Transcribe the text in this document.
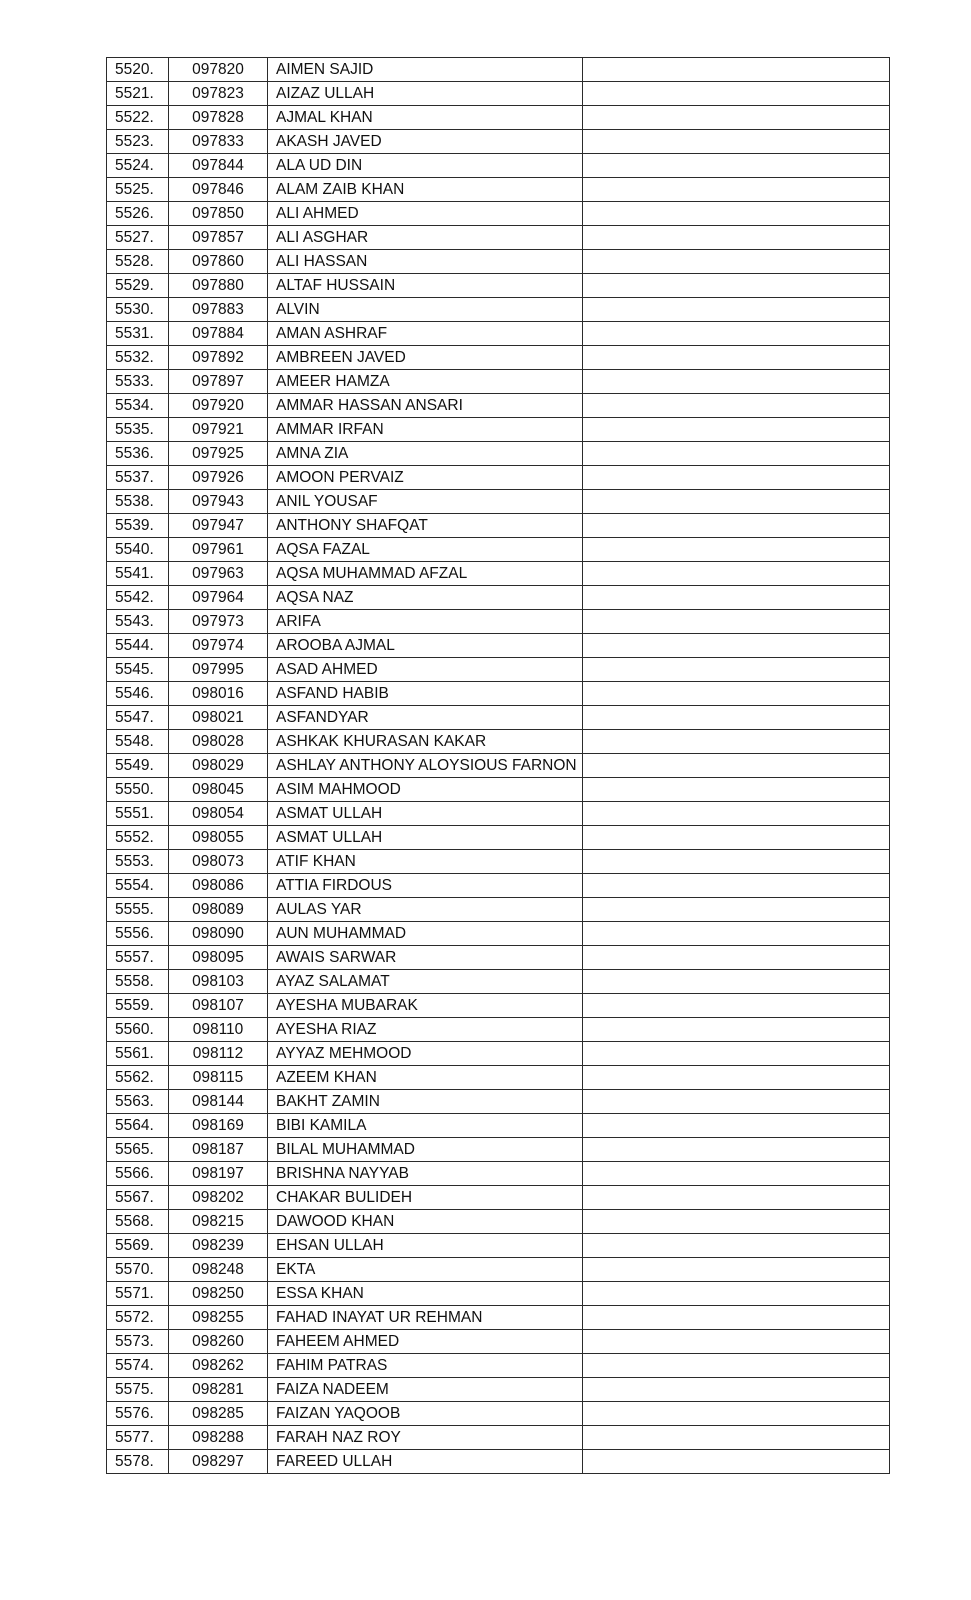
5520.	097820	AIMEN SAJID	
5521.	097823	AIZAZ ULLAH	
5522.	097828	AJMAL KHAN	
5523.	097833	AKASH JAVED	
5524.	097844	ALA UD DIN	
5525.	097846	ALAM ZAIB KHAN	
5526.	097850	ALI AHMED	
5527.	097857	ALI ASGHAR	
5528.	097860	ALI HASSAN	
5529.	097880	ALTAF HUSSAIN	
5530.	097883	ALVIN	
5531.	097884	AMAN ASHRAF	
5532.	097892	AMBREEN JAVED	
5533.	097897	AMEER HAMZA	
5534.	097920	AMMAR HASSAN ANSARI	
5535.	097921	AMMAR IRFAN	
5536.	097925	AMNA ZIA	
5537.	097926	AMOON PERVAIZ	
5538.	097943	ANIL YOUSAF	
5539.	097947	ANTHONY SHAFQAT	
5540.	097961	AQSA FAZAL	
5541.	097963	AQSA MUHAMMAD AFZAL	
5542.	097964	AQSA NAZ	
5543.	097973	ARIFA	
5544.	097974	AROOBA AJMAL	
5545.	097995	ASAD AHMED	
5546.	098016	ASFAND HABIB	
5547.	098021	ASFANDYAR	
5548.	098028	ASHKAK KHURASAN KAKAR	
5549.	098029	ASHLAY ANTHONY ALOYSIOUS FARNON	
5550.	098045	ASIM MAHMOOD	
5551.	098054	ASMAT ULLAH	
5552.	098055	ASMAT ULLAH	
5553.	098073	ATIF KHAN	
5554.	098086	ATTIA FIRDOUS	
5555.	098089	AULAS YAR	
5556.	098090	AUN MUHAMMAD	
5557.	098095	AWAIS SARWAR	
5558.	098103	AYAZ SALAMAT	
5559.	098107	AYESHA MUBARAK	
5560.	098110	AYESHA RIAZ	
5561.	098112	AYYAZ MEHMOOD	
5562.	098115	AZEEM KHAN	
5563.	098144	BAKHT ZAMIN	
5564.	098169	BIBI KAMILA	
5565.	098187	BILAL MUHAMMAD	
5566.	098197	BRISHNA NAYYAB	
5567.	098202	CHAKAR BULIDEH	
5568.	098215	DAWOOD KHAN	
5569.	098239	EHSAN ULLAH	
5570.	098248	EKTA	
5571.	098250	ESSA KHAN	
5572.	098255	FAHAD INAYAT UR REHMAN	
5573.	098260	FAHEEM AHMED	
5574.	098262	FAHIM PATRAS	
5575.	098281	FAIZA NADEEM	
5576.	098285	FAIZAN YAQOOB	
5577.	098288	FARAH NAZ ROY	
5578.	098297	FAREED ULLAH	
